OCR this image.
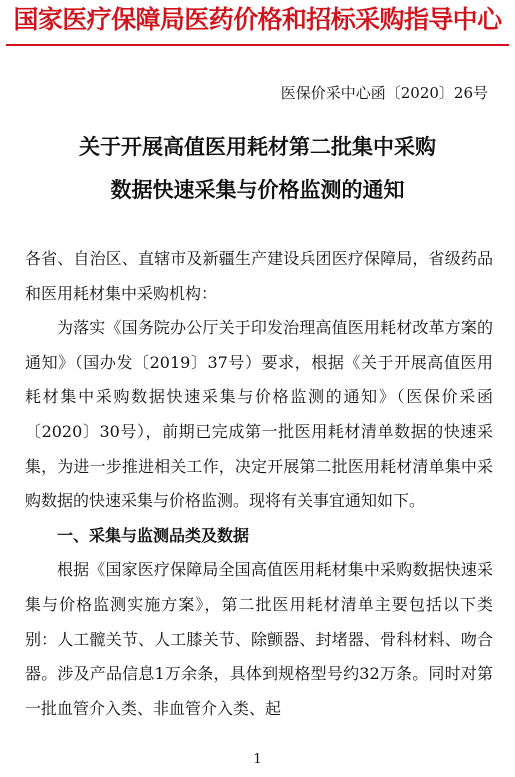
国家医疗保障局医药价格和招标采购指导中心
医保价采中心函〔2020〕26号
关于开展高值医用耗材第二批集中采购
数据快速采集与价格监测的通知

各省、自治区、直辖市及新疆生产建设兵团医疗保障局，省级药品和医用耗材集中采购机构：

为落实《国务院办公厅关于印发治理高值医用耗材改革方案的通知》（国办发〔2019〕37号）要求，根据《关于开展高值医用耗材集中采购数据快速采集与价格监测的通知》（医保价采函〔2020〕30号），前期已完成第一批医用耗材清单数据的快速采集，为进一步推进相关工作，决定开展第二批医用耗材清单集中采购数据的快速采集与价格监测。现将有关事宜通知如下。

一、采集与监测品类及数据

根据《国家医疗保障局全国高值医用耗材集中采购数据快速采集与价格监测实施方案》，第二批医用耗材清单主要包括以下类别：人工髋关节、人工膝关节、除颤器、封堵器、骨科材料、吻合器。涉及产品信息1万余条，具体到规格型号约32万条。同时对第一批血管介入类、非血管介入类、起

1
